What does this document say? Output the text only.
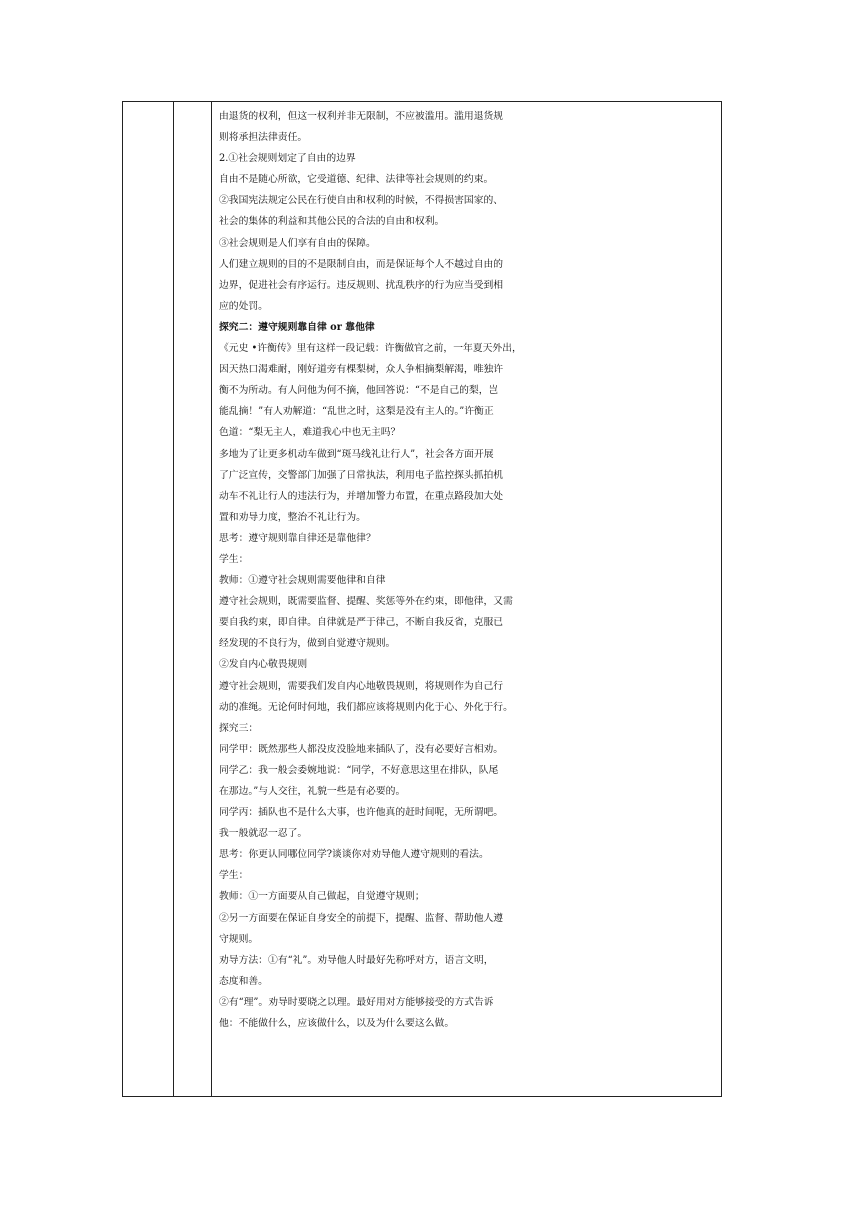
由退货的权利，但这一权利并非无限制，不应被滥用。滥用退货规
则将承担法律责任。
2.①社会规则划定了自由的边界
自由不是随心所欲，它受道德、纪律、法律等社会规则的约束。
②我国宪法规定公民在行使自由和权利的时候，不得损害国家的、
社会的集体的利益和其他公民的合法的自由和权利。
③社会规则是人们享有自由的保障。
人们建立规则的目的不是限制自由，而是保证每个人不越过自由的
边界，促进社会有序运行。违反规则、扰乱秩序的行为应当受到相
应的处罚。
探究二：遵守规则靠自律 or 靠他律
《元史 •许衡传》里有这样一段记载：许衡做官之前，一年夏天外出，
因天热口渴难耐，刚好道旁有棵梨树，众人争相摘梨解渴，唯独许
衡不为所动。有人问他为何不摘，他回答说：“不是自己的梨，岂
能乱摘！”有人劝解道：“乱世之时，这梨是没有主人的。”许衡正
色道：“梨无主人，难道我心中也无主吗？
多地为了让更多机动车做到“斑马线礼让行人”，社会各方面开展
了广泛宣传，交警部门加强了日常执法，利用电子监控探头抓拍机
动车不礼让行人的违法行为，并增加警力布置，在重点路段加大处
置和劝导力度，整治不礼让行为。
思考：遵守规则靠自律还是靠他律？
学生：
教师：①遵守社会规则需要他律和自律
遵守社会规则，既需要监督、提醒、奖惩等外在约束，即他律，又需
要自我约束，即自律。自律就是严于律己，不断自我反省，克服已
经发现的不良行为，做到自觉遵守规则。
②发自内心敬畏规则
遵守社会规则，需要我们发自内心地敬畏规则，将规则作为自己行
动的准绳。无论何时何地，我们都应该将规则内化于心、外化于行。
探究三：
同学甲：既然那些人都没皮没脸地来插队了，没有必要好言相劝。
同学乙：我一般会委婉地说：“同学，不好意思这里在排队，队尾
在那边。”与人交往，礼貌一些是有必要的。
同学丙：插队也不是什么大事，也许他真的赶时间呢，无所谓吧。
我一般就忍一忍了。
思考：你更认同哪位同学?谈谈你对劝导他人遵守规则的看法。
学生：
教师：①一方面要从自己做起，自觉遵守规则；
②另一方面要在保证自身安全的前提下，提醒、监督、帮助他人遵
守规则。
劝导方法：①有“礼”。劝导他人时最好先称呼对方，语言文明，
态度和善。
②有“理”。劝导时要晓之以理。最好用对方能够接受的方式告诉
他：不能做什么，应该做什么，以及为什么要这么做。
